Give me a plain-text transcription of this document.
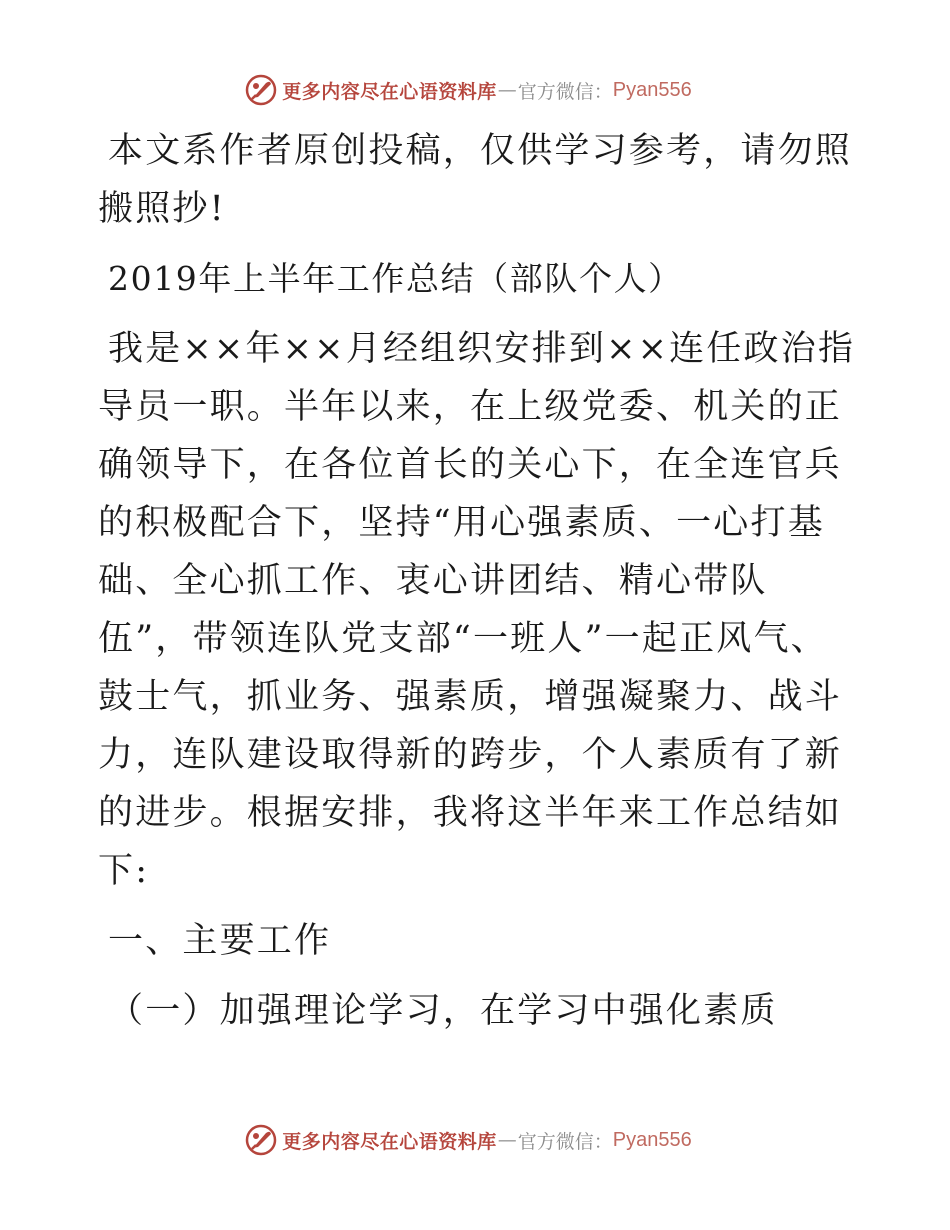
更多内容尽在心语资料库 — 官方微信： Pyan556

本文系作者原创投稿，仅供学习参考，请勿照搬照抄!

2019年上半年工作总结（部队个人）

我是××年××月经组织安排到××连任政治指导员一职。半年以来，在上级党委、机关的正确领导下，在各位首长的关心下，在全连官兵的积极配合下，坚持“用心强素质、一心打基础、全心抓工作、衷心讲团结、精心带队伍”，带领连队党支部“一班人”一起正风气、鼓士气，抓业务、强素质，增强凝聚力、战斗力，连队建设取得新的跨步，个人素质有了新的进步。根据安排，我将这半年来工作总结如下:

一、主要工作

（一）加强理论学习，在学习中强化素质

更多内容尽在心语资料库 — 官方微信： Pyan556
